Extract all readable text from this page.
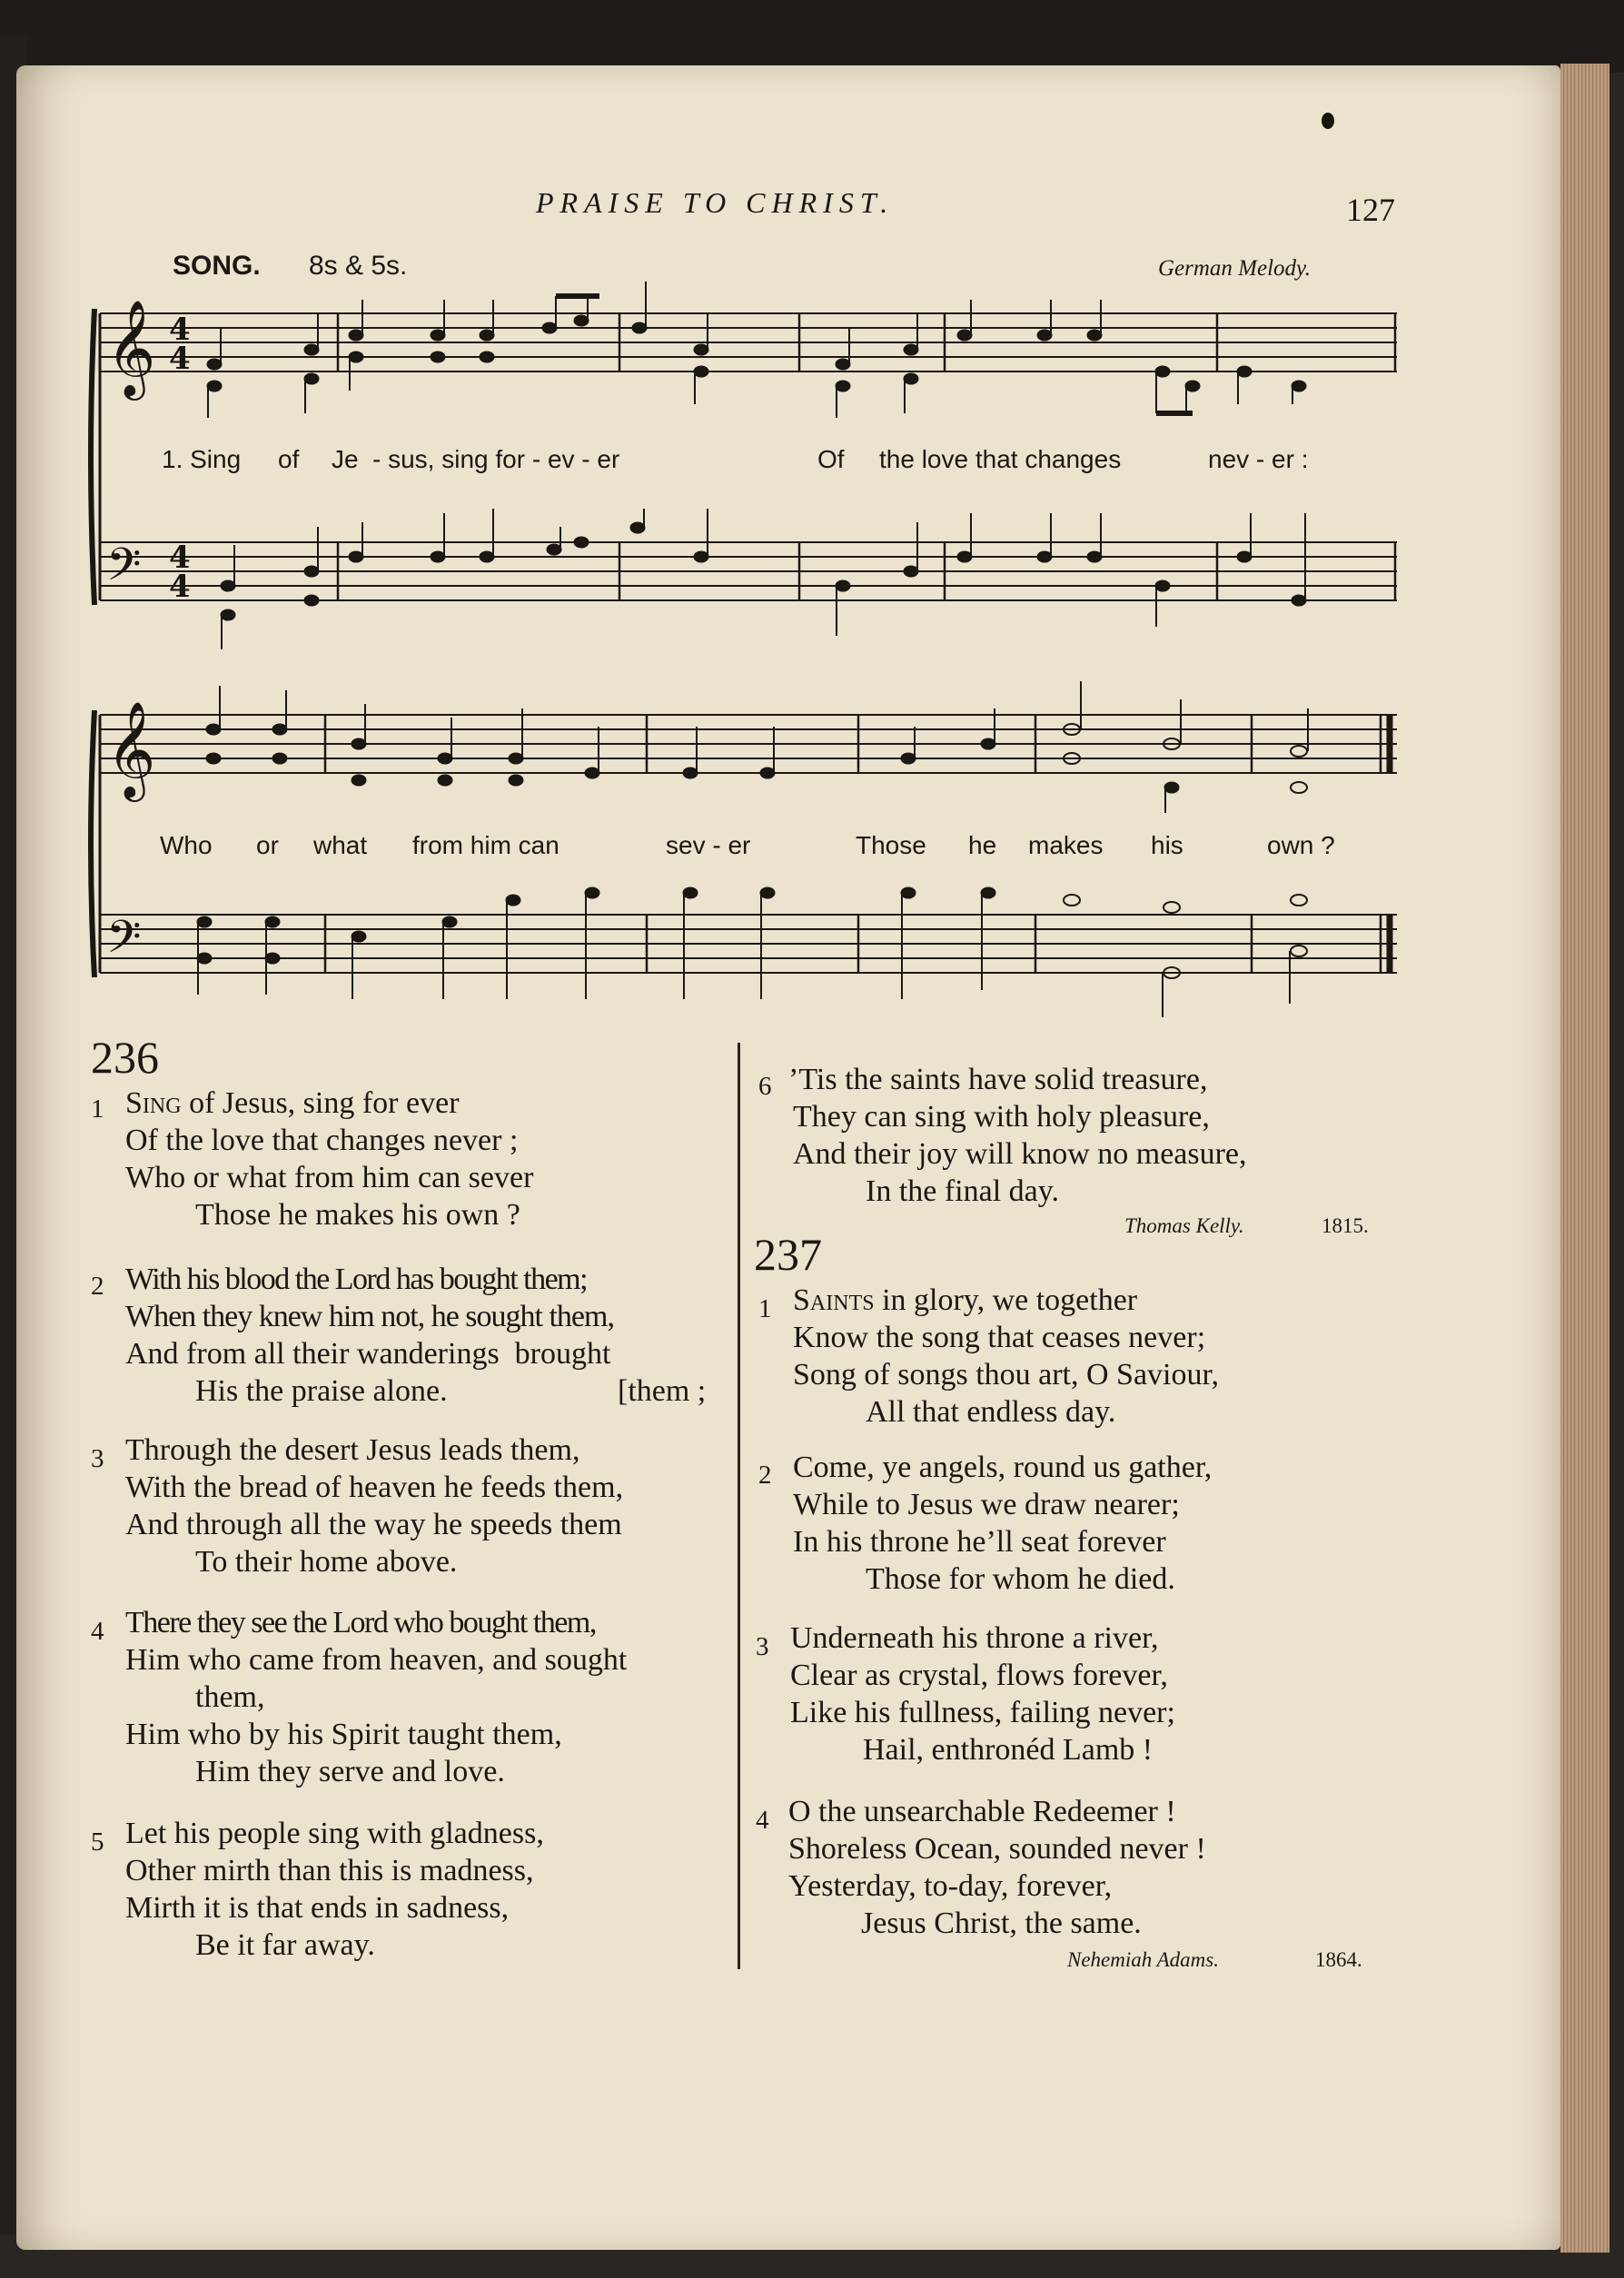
PRAISE TO CHRIST.	127
SONG. 8s & 5s.	German Melody.
𝄞
𝄢
4
4
4
4
𝄞
𝄢
1. Sing of Je - sus, sing for - ev - er	Of the love that changes	nev - er :
Who or what from him can	sev - er	Those he makes his	own ?
236
1 Sing of Jesus, sing for ever
Of the love that changes never ;
Who or what from him can sever
Those he makes his own ?
2 With his blood the Lord has bought them;
When they knew him not, he sought them,
And from all their wanderings  brought
His the praise alone.	[them ;
3 Through the desert Jesus leads them,
With the bread of heaven he feeds them,
And through all the way he speeds them
To their home above.
4 There they see the Lord who bought them,
Him who came from heaven, and sought
them,
Him who by his Spirit taught them,
Him they serve and love.
5 Let his people sing with gladness,
Other mirth than this is madness,
Mirth it is that ends in sadness,
Be it far away.
6 ’Tis the saints have solid treasure,
They can sing with holy pleasure,
And their joy will know no measure,
In the final day.
Thomas Kelly.	1815.
237
1 Saints in glory, we together
Know the song that ceases never;
Song of songs thou art, O Saviour,
All that endless day.
2 Come, ye angels, round us gather,
While to Jesus we draw nearer;
In his throne he’ll seat forever
Those for whom he died.
3 Underneath his throne a river,
Clear as crystal, flows forever,
Like his fullness, failing never;
Hail, enthronéd Lamb !
4 O the unsearchable Redeemer !
Shoreless Ocean, sounded never !
Yesterday, to-day, forever,
Jesus Christ, the same.
Nehemiah Adams.	1864.
